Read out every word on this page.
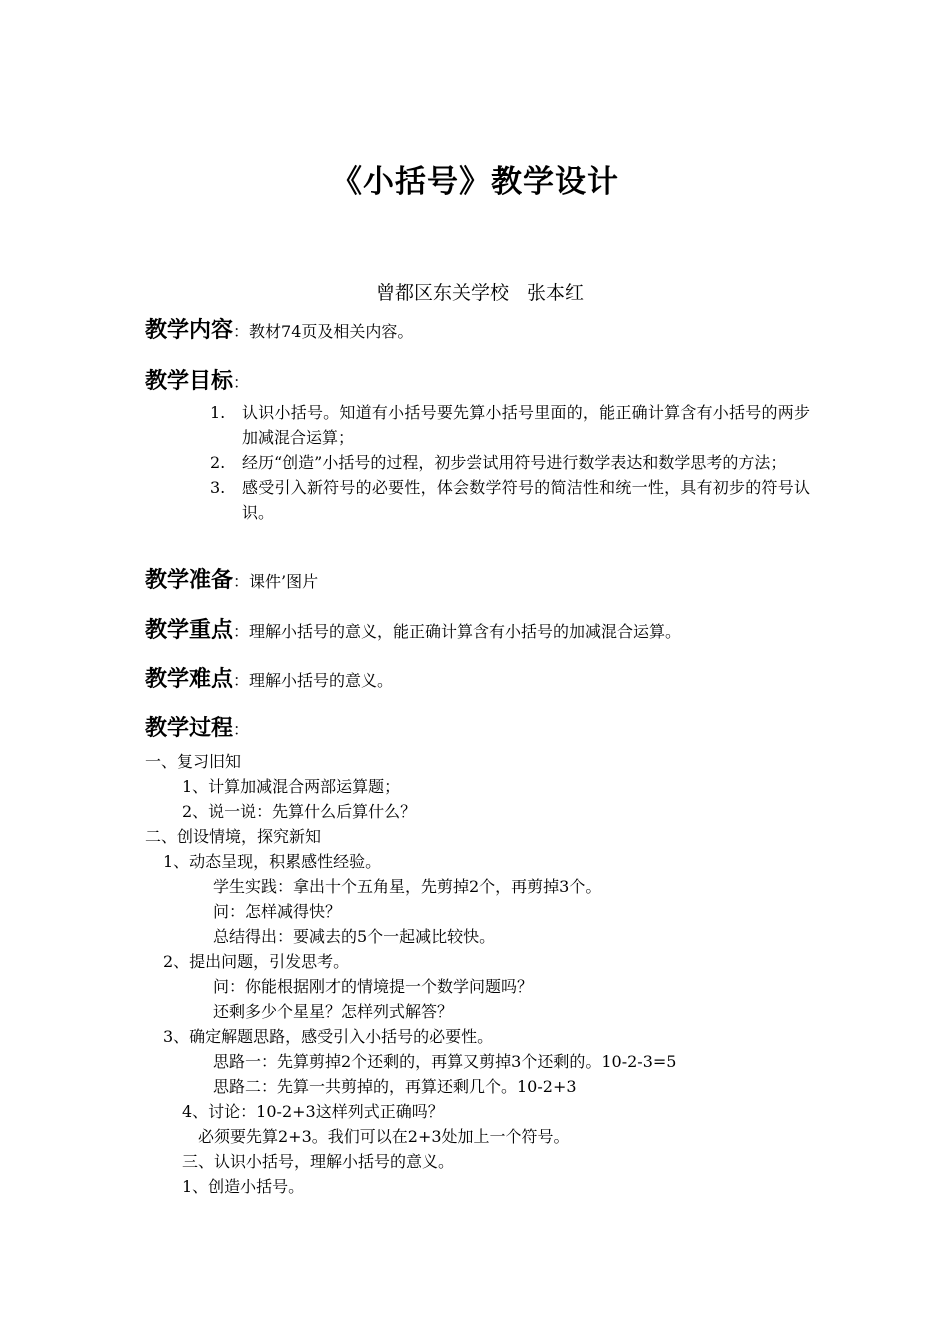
《小括号》教学设计
曾都区东关学校   张本红
教学内容：教材74页及相关内容。
教学目标：
1. 认识小括号。知道有小括号要先算小括号里面的，能正确计算含有小括号的两步加减混合运算；
2. 经历“创造”小括号的过程，初步尝试用符号进行数学表达和数学思考的方法；
3. 感受引入新符号的必要性，体会数学符号的简洁性和统一性，具有初步的符号认识。
教学准备：课件’图片
教学重点：理解小括号的意义，能正确计算含有小括号的加减混合运算。
教学难点：理解小括号的意义。
教学过程：
一、复习旧知
1、计算加减混合两部运算题；
2、说一说：先算什么后算什么？
二、创设情境，探究新知
1、动态呈现，积累感性经验。
学生实践：拿出十个五角星，先剪掉2个，再剪掉3个。
问：怎样减得快？
总结得出：要减去的5个一起减比较快。
2、提出问题，引发思考。
问：你能根据刚才的情境提一个数学问题吗？
还剩多少个星星？怎样列式解答？
3、确定解题思路，感受引入小括号的必要性。
思路一：先算剪掉2个还剩的，再算又剪掉3个还剩的。10-2-3=5
思路二：先算一共剪掉的，再算还剩几个。10-2+3
4、讨论：10-2+3这样列式正确吗？
必须要先算2+3。我们可以在2+3处加上一个符号。
三、认识小括号，理解小括号的意义。
1、创造小括号。
